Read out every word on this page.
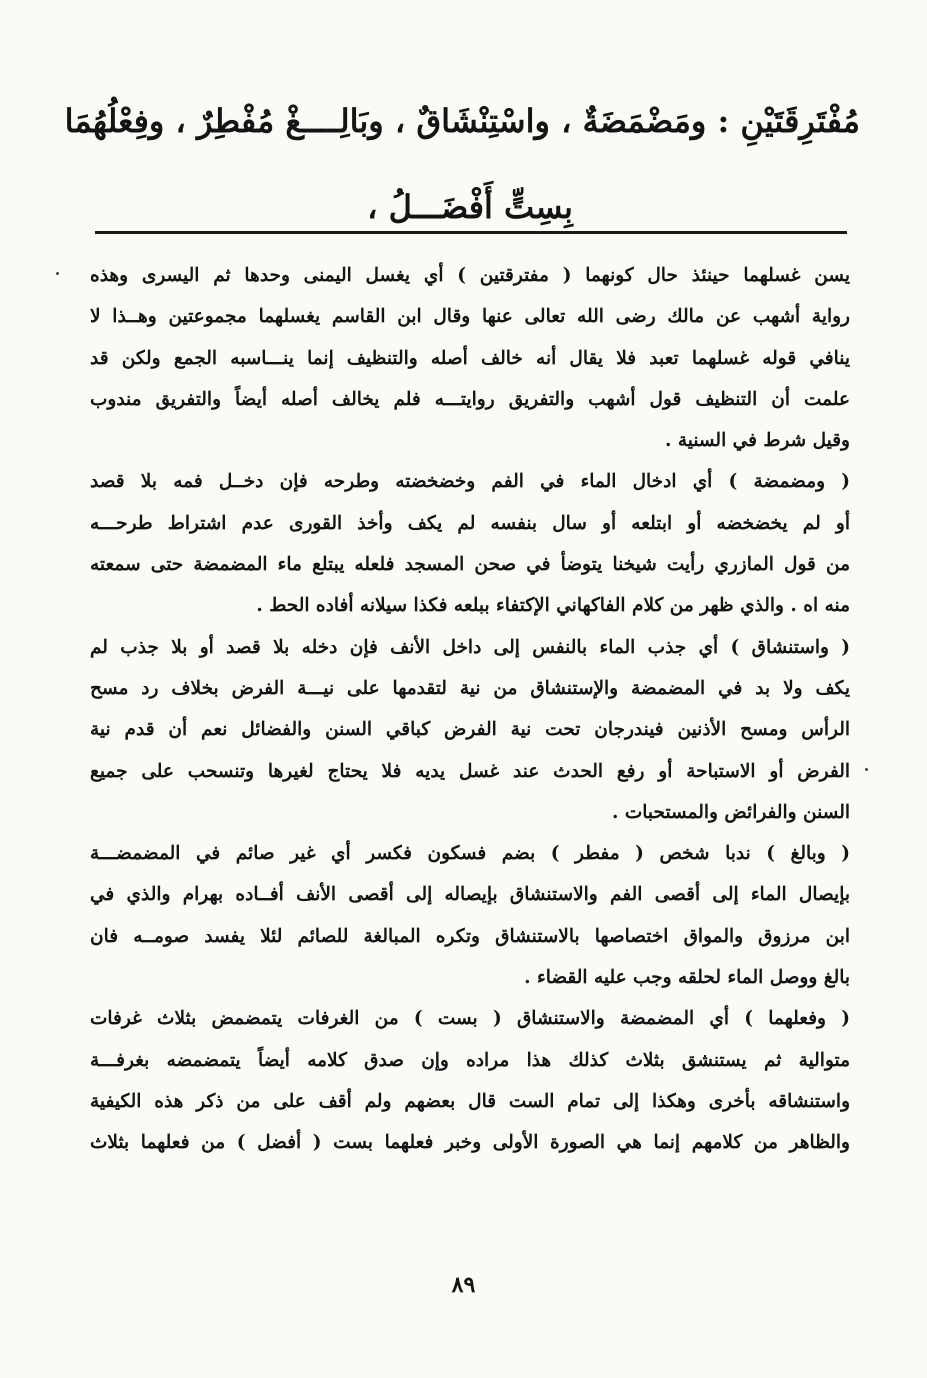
مُفْتَرِقَتَيْنِ : ومَضْمَضَةٌ ، واسْتِنْشَاقٌ ، وبَالِــــغْ مُفْطِرٌ ، وفِعْلُهُمَا
بِسِتٍّ أَفْضَـــلُ ،
يسن غسلهما حينئذ حال كونهما ( مفترقتين ) أي يغسل اليمنى وحدها ثم اليسرى وهذه
رواية أشهب عن مالك رضى الله تعالى عنها وقال ابن القاسم يغسلهما مجموعتين وهــذا لا
ينافي قوله غسلهما تعبد فلا يقال أنه خالف أصله والتنظيف إنما ينـــاسبه الجمع ولكن قد
علمت أن التنظيف قول أشهب والتفريق روايتـــه فلم يخالف أصله أيضاً والتفريق مندوب
وقيل شرط في السنية .
( ومضمضة ) أي ادخال الماء في الفم وخضخضته وطرحه فإن دخــل فمه بلا قصد
أو لم يخضخضه أو ابتلعه أو سال بنفسه لم يكف وأخذ القورى عدم اشتراط طرحـــه
من قول المازري رأيت شيخنا يتوضأ في صحن المسجد فلعله يبتلع ماء المضمضة حتى سمعته
منه اه . والذي ظهر من كلام الفاكهاني الإكتفاء ببلعه فكذا سيلانه أفاده الحط .
( واستنشاق ) أي جذب الماء بالنفس إلى داخل الأنف فإن دخله بلا قصد أو بلا جذب لم
يكف ولا بد في المضمضة والإستنشاق من نية لتقدمها على نيـــة الفرض بخلاف رد مسح
الرأس ومسح الأذنين فيندرجان تحت نية الفرض كباقي السنن والفضائل نعم أن قدم نية
الفرض أو الاستباحة أو رفع الحدث عند غسل يديه فلا يحتاج لغيرها وتنسحب على جميع
السنن والفرائض والمستحبات .
( وبالغ ) ندبا شخص ( مفطر ) بضم فسكون فكسر أي غير صائم في المضمضـــة
بإيصال الماء إلى أقصى الفم والاستنشاق بإيصاله إلى أقصى الأنف أفــاده بهرام والذي في
ابن مرزوق والمواق اختصاصها بالاستنشاق وتكره المبالغة للصائم لئلا يفسد صومــه فان
بالغ ووصل الماء لحلقه وجب عليه القضاء .
( وفعلهما ) أي المضمضة والاستنشاق ( بست ) من الغرفات يتمضمض بثلاث غرفات
متوالية ثم يستنشق بثلاث كذلك هذا مراده وإن صدق كلامه أيضاً يتمضمضه بغرفـــة
واستنشاقه بأخرى وهكذا إلى تمام الست قال بعضهم ولم أقف على من ذكر هذه الكيفية
والظاهر من كلامهم إنما هي الصورة الأولى وخبر فعلهما بست ( أفضل ) من فعلهما بثلاث
٨٩
